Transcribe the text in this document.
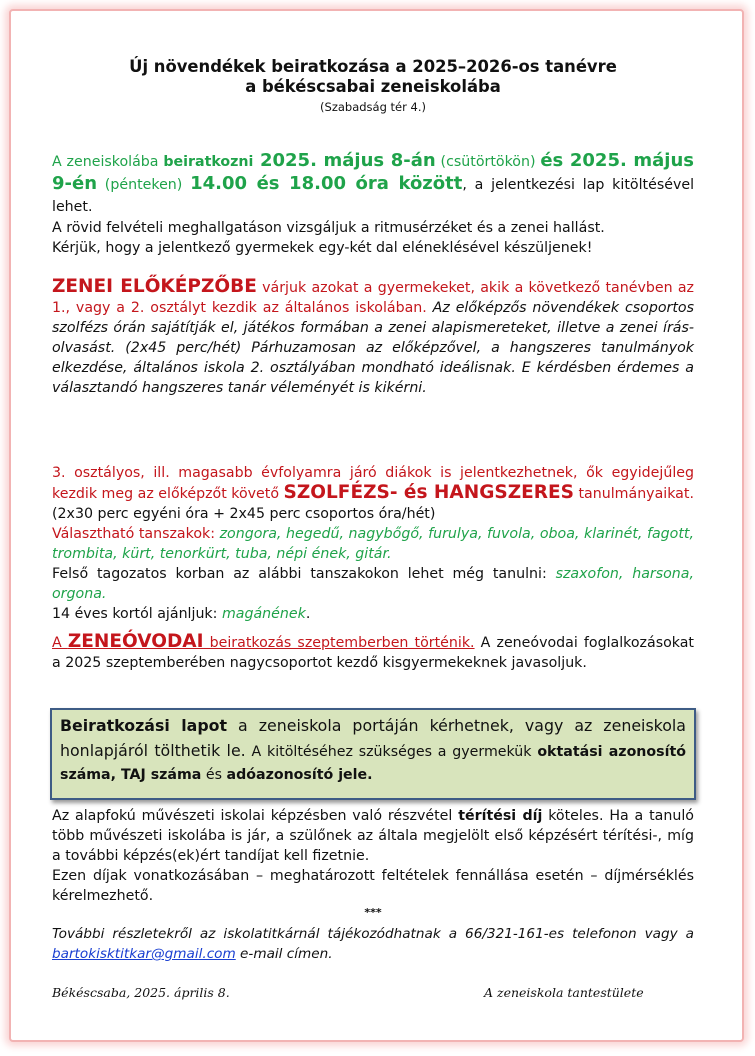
Új növendékek beiratkozása a 2025–2026-os tanévre
a békéscsabai zeneiskolába
(Szabadság tér 4.)

A zeneiskolába beiratkozni 2025. május 8-án (csütörtökön) és 2025. május 9-én (pénteken) 14.00 és 18.00 óra között, a jelentkezési lap kitöltésével lehet.

A rövid felvételi meghallgatáson vizsgáljuk a ritmusérzéket és a zenei hallást.

Kérjük, hogy a jelentkező gyermekek egy-két dal eléneklésével készüljenek!

ZENEI ELŐKÉPZŐBE várjuk azokat a gyermekeket, akik a következő tanévben az 1., vagy a 2. osztályt kezdik az általános iskolában. Az előképzős növendékek csoportos szolfézs órán sajátítják el, játékos formában a zenei alapismereteket, illetve a zenei írás-olvasást. (2x45 perc/hét) Párhuzamosan az előképzővel, a hangszeres tanulmányok elkezdése, általános iskola 2. osztályában mondható ideálisnak. E kérdésben érdemes a választandó hangszeres tanár véleményét is kikérni.

3. osztályos, ill. magasabb évfolyamra járó diákok is jelentkezhetnek, ők egyidejűleg kezdik meg az előképzőt követő SZOLFÉZS- és HANGSZERES tanulmányaikat.

(2x30 perc egyéni óra + 2x45 perc csoportos óra/hét)

Választható tanszakok: zongora, hegedű, nagybőgő, furulya, fuvola, oboa, klarinét, fagott, trombita, kürt, tenorkürt, tuba, népi ének, gitár.

Felső tagozatos korban az alábbi tanszakokon lehet még tanulni: szaxofon, harsona, orgona.

14 éves kortól ajánljuk: magánének.

A ZENEÓVODAI beiratkozás szeptemberben történik. A zeneóvodai foglalkozásokat a 2025 szeptemberében nagycsoportot kezdő kisgyermekeknek javasoljuk.

Beiratkozási lapot a zeneiskola portáján kérhetnek, vagy az zeneiskola honlapjáról tölthetik le. A kitöltéséhez szükséges a gyermekük oktatási azonosító száma, TAJ száma és adóazonosító jele.

Az alapfokú művészeti iskolai képzésben való részvétel térítési díj köteles. Ha a tanuló több művészeti iskolába is jár, a szülőnek az általa megjelölt első képzésért térítési-, míg a további képzés(ek)ért tandíjat kell fizetnie.

Ezen díjak vonatkozásában – meghatározott feltételek fennállása esetén – díjmérséklés kérelmezhető.

***

További részletekről az iskolatitkárnál tájékozódhatnak a 66/321-161-es telefonon vagy a bartokisktitkar@gmail.com e-mail címen.

Békéscsaba, 2025. április 8.	A zeneiskola tantestülete
